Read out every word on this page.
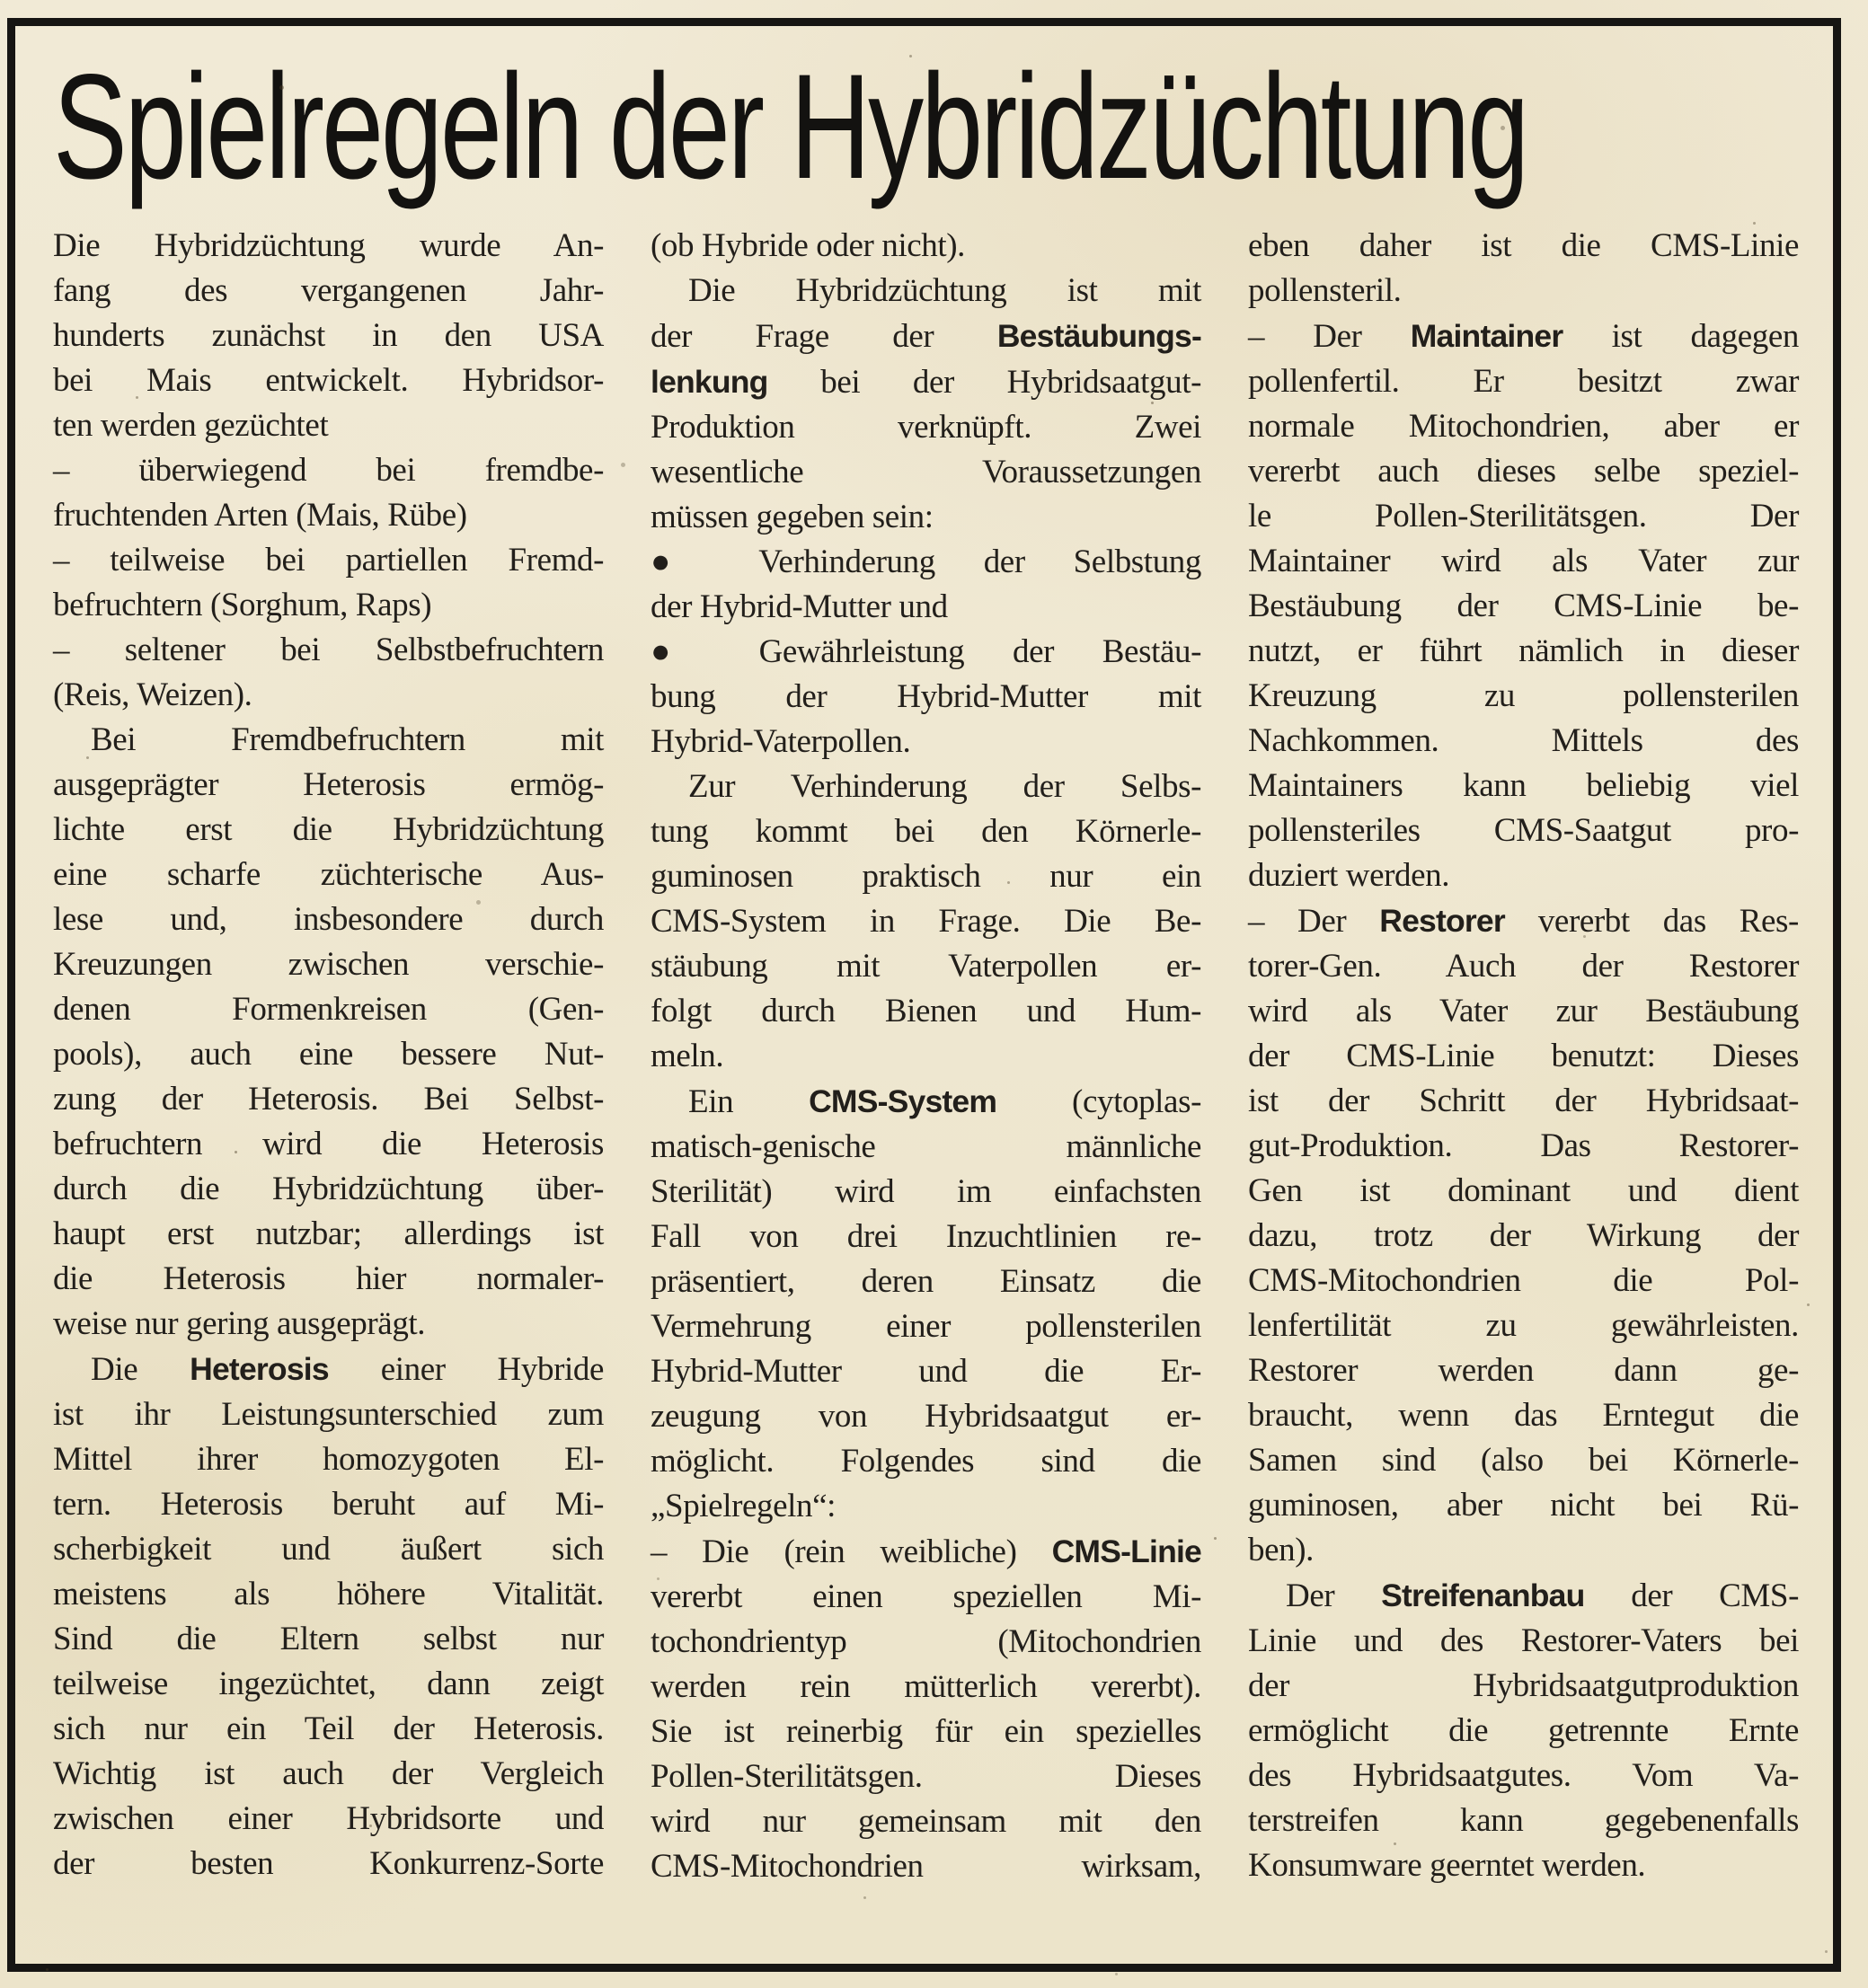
Spielregeln der Hybridzüchtung
Die Hybridzüchtung wurde An-
fang des vergangenen Jahr-
hunderts zunächst in den USA
bei Mais entwickelt. Hybridsor-
ten werden gezüchtet
– überwiegend bei fremdbe-
fruchtenden Arten (Mais, Rübe)
– teilweise bei partiellen Fremd-
befruchtern (Sorghum, Raps)
– seltener bei Selbstbefruchtern
(Reis, Weizen).
Bei Fremdbefruchtern mit
ausgeprägter Heterosis ermög-
lichte erst die Hybridzüchtung
eine scharfe züchterische Aus-
lese und, insbesondere durch
Kreuzungen zwischen verschie-
denen Formenkreisen (Gen-
pools), auch eine bessere Nut-
zung der Heterosis. Bei Selbst-
befruchtern wird die Heterosis
durch die Hybridzüchtung über-
haupt erst nutzbar; allerdings ist
die Heterosis hier normaler-
weise nur gering ausgeprägt.
Die Heterosis einer Hybride
ist ihr Leistungsunterschied zum
Mittel ihrer homozygoten El-
tern. Heterosis beruht auf Mi-
scherbigkeit und äußert sich
meistens als höhere Vitalität.
Sind die Eltern selbst nur
teilweise ingezüchtet, dann zeigt
sich nur ein Teil der Heterosis.
Wichtig ist auch der Vergleich
zwischen einer Hybridsorte und
der besten Konkurrenz-Sorte
(ob Hybride oder nicht).
Die Hybridzüchtung ist mit
der Frage der Bestäubungs-
lenkung bei der Hybridsaatgut-
Produktion verknüpft. Zwei
wesentliche Voraussetzungen
müssen gegeben sein:
● Verhinderung der Selbstung
der Hybrid-Mutter und
● Gewährleistung der Bestäu-
bung der Hybrid-Mutter mit
Hybrid-Vaterpollen.
Zur Verhinderung der Selbs-
tung kommt bei den Körnerle-
guminosen praktisch nur ein
CMS-System in Frage. Die Be-
stäubung mit Vaterpollen er-
folgt durch Bienen und Hum-
meln.
Ein CMS-System (cytoplas-
matisch-genische männliche
Sterilität) wird im einfachsten
Fall von drei Inzuchtlinien re-
präsentiert, deren Einsatz die
Vermehrung einer pollensterilen
Hybrid-Mutter und die Er-
zeugung von Hybridsaatgut er-
möglicht. Folgendes sind die
„Spielregeln“:
– Die (rein weibliche) CMS-Linie
vererbt einen speziellen Mi-
tochondrientyp (Mitochondrien
werden rein mütterlich vererbt).
Sie ist reinerbig für ein spezielles
Pollen-Sterilitätsgen. Dieses
wird nur gemeinsam mit den
CMS-Mitochondrien wirksam,
eben daher ist die CMS-Linie
pollensteril.
– Der Maintainer ist dagegen
pollenfertil. Er besitzt zwar
normale Mitochondrien, aber er
vererbt auch dieses selbe speziel-
le Pollen-Sterilitätsgen. Der
Maintainer wird als Vater zur
Bestäubung der CMS-Linie be-
nutzt, er führt nämlich in dieser
Kreuzung zu pollensterilen
Nachkommen. Mittels des
Maintainers kann beliebig viel
pollensteriles CMS-Saatgut pro-
duziert werden.
– Der Restorer vererbt das Res-
torer-Gen. Auch der Restorer
wird als Vater zur Bestäubung
der CMS-Linie benutzt: Dieses
ist der Schritt der Hybridsaat-
gut-Produktion. Das Restorer-
Gen ist dominant und dient
dazu, trotz der Wirkung der
CMS-Mitochondrien die Pol-
lenfertilität zu gewährleisten.
Restorer werden dann ge-
braucht, wenn das Erntegut die
Samen sind (also bei Körnerle-
guminosen, aber nicht bei Rü-
ben).
Der Streifenanbau der CMS-
Linie und des Restorer-Vaters bei
der Hybridsaatgutproduktion
ermöglicht die getrennte Ernte
des Hybridsaatgutes. Vom Va-
terstreifen kann gegebenenfalls
Konsumware geerntet werden.
